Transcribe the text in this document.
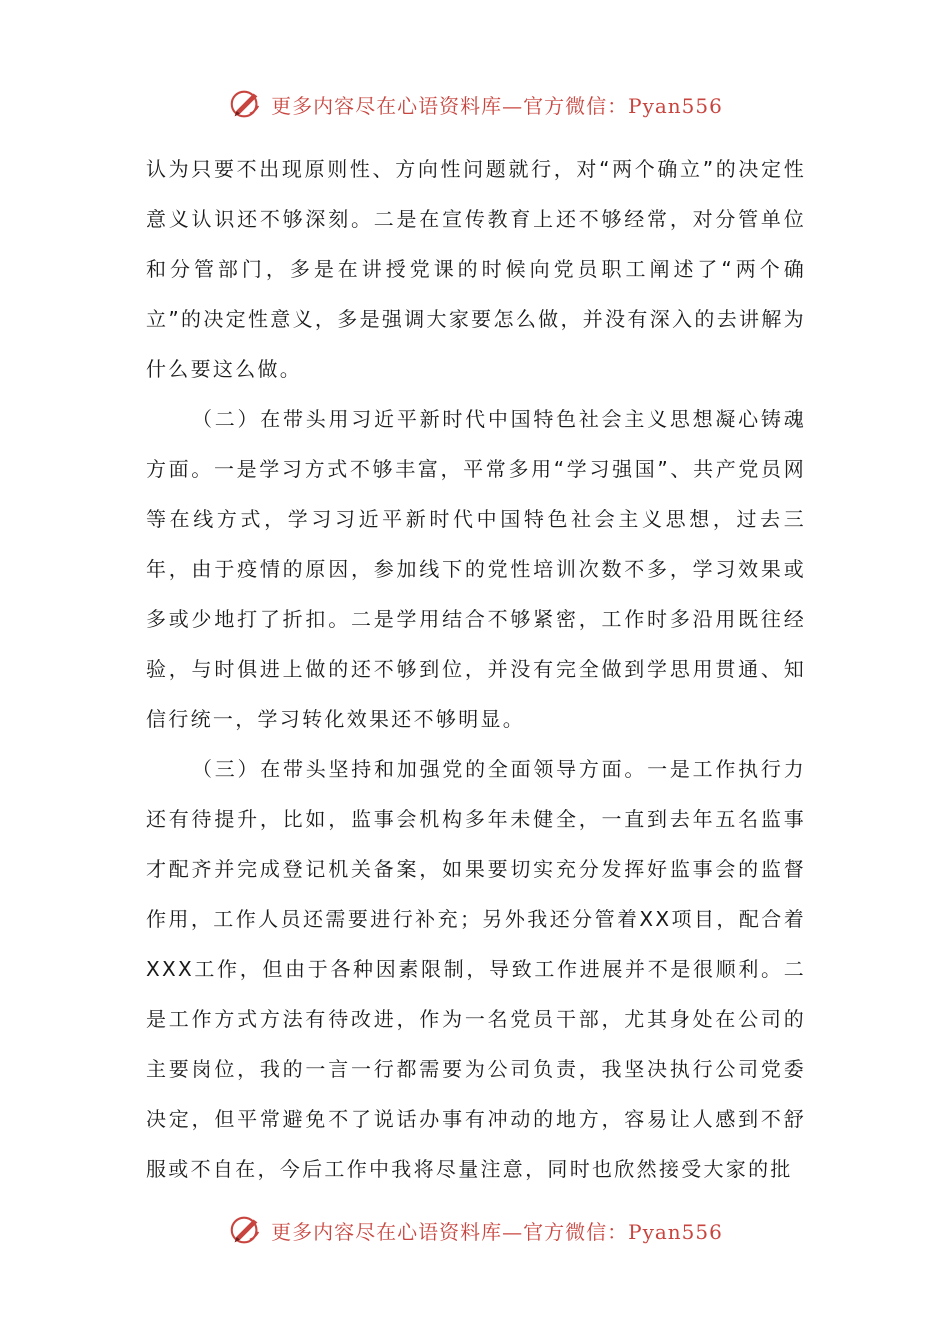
更多内容尽在心语资料库—官方微信：Pyan556

认为只要不出现原则性、方向性问题就行，对“两个确立”的决定性意义认识还不够深刻。二是在宣传教育上还不够经常，对分管单位和分管部门，多是在讲授党课的时候向党员职工阐述了“两个确立”的决定性意义，多是强调大家要怎么做，并没有深入的去讲解为什么要这么做。

（二）在带头用习近平新时代中国特色社会主义思想凝心铸魂方面。一是学习方式不够丰富，平常多用“学习强国”、共产党员网等在线方式，学习习近平新时代中国特色社会主义思想，过去三年，由于疫情的原因，参加线下的党性培训次数不多，学习效果或多或少地打了折扣。二是学用结合不够紧密，工作时多沿用既往经验，与时俱进上做的还不够到位，并没有完全做到学思用贯通、知信行统一，学习转化效果还不够明显。

（三）在带头坚持和加强党的全面领导方面。一是工作执行力还有待提升，比如，监事会机构多年未健全，一直到去年五名监事才配齐并完成登记机关备案，如果要切实充分发挥好监事会的监督作用，工作人员还需要进行补充；另外我还分管着XX项目，配合着XXX工作，但由于各种因素限制，导致工作进展并不是很顺利。二是工作方式方法有待改进，作为一名党员干部，尤其身处在公司的主要岗位，我的一言一行都需要为公司负责，我坚决执行公司党委决定，但平常避免不了说话办事有冲动的地方，容易让人感到不舒服或不自在，今后工作中我将尽量注意，同时也欣然接受大家的批

更多内容尽在心语资料库—官方微信：Pyan556
